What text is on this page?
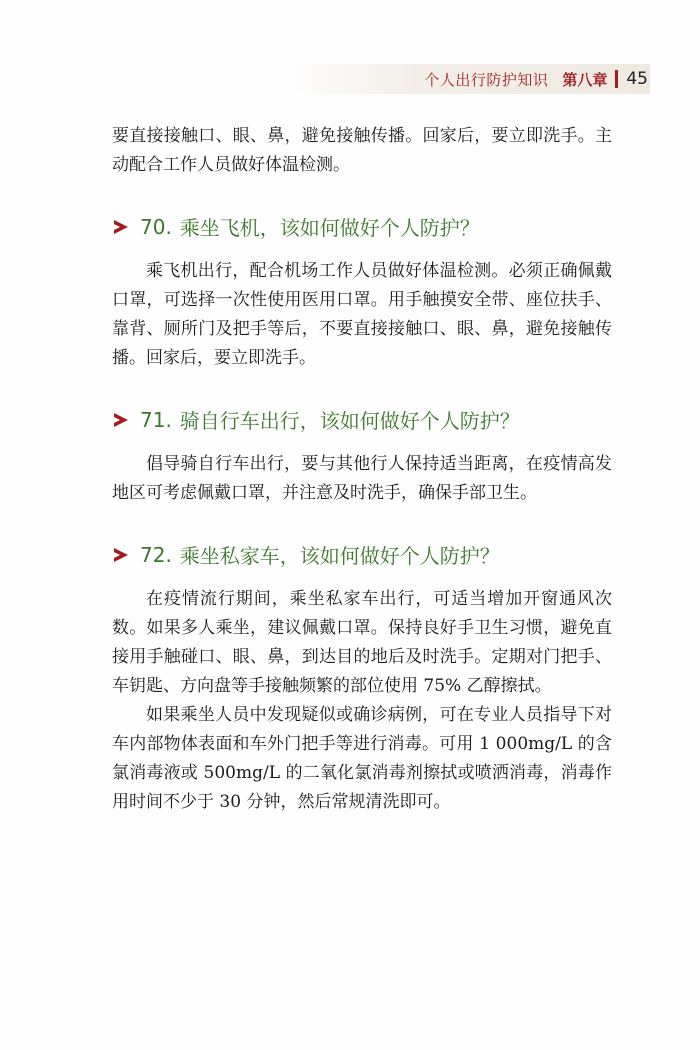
个人出行防护知识 第八章 45

要直接接触口、眼、鼻，避免接触传播。回家后，要立即洗手。主动配合工作人员做好体温检测。

70. 乘坐飞机，该如何做好个人防护？

乘飞机出行，配合机场工作人员做好体温检测。必须正确佩戴口罩，可选择一次性使用医用口罩。用手触摸安全带、座位扶手、靠背、厕所门及把手等后，不要直接接触口、眼、鼻，避免接触传播。回家后，要立即洗手。

71. 骑自行车出行，该如何做好个人防护？

倡导骑自行车出行，要与其他行人保持适当距离，在疫情高发地区可考虑佩戴口罩，并注意及时洗手，确保手部卫生。

72. 乘坐私家车，该如何做好个人防护？

在疫情流行期间，乘坐私家车出行，可适当增加开窗通风次数。如果多人乘坐，建议佩戴口罩。保持良好手卫生习惯，避免直接用手触碰口、眼、鼻，到达目的地后及时洗手。定期对门把手、车钥匙、方向盘等手接触频繁的部位使用 75% 乙醇擦拭。

如果乘坐人员中发现疑似或确诊病例，可在专业人员指导下对车内部物体表面和车外门把手等进行消毒。可用 1 000mg/L 的含氯消毒液或 500mg/L 的二氧化氯消毒剂擦拭或喷洒消毒，消毒作用时间不少于 30 分钟，然后常规清洗即可。
